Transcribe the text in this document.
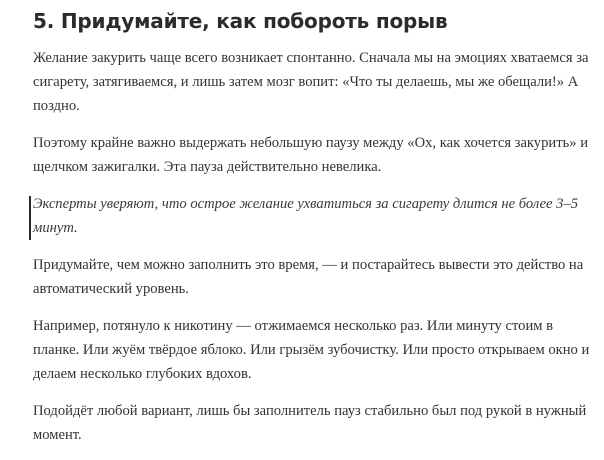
5. Придумайте, как побороть порыв

Желание закурить чаще всего возникает спонтанно. Сначала мы на эмоциях хватаемся за сигарету, затягиваемся, и лишь затем мозг вопит: «Что ты делаешь, мы же обещали!» А поздно.

Поэтому крайне важно выдержать небольшую паузу между «Ох, как хочется закурить» и щелчком зажигалки. Эта пауза действительно невелика.

Эксперты уверяют, что острое желание ухватиться за сигарету длится не более 3–5 минут.

Придумайте, чем можно заполнить это время, — и постарайтесь вывести это действо на автоматический уровень.

Например, потянуло к никотину — отжимаемся несколько раз. Или минуту стоим в планке. Или жуём твёрдое яблоко. Или грызём зубочистку. Или просто открываем окно и делаем несколько глубоких вдохов.

Подойдёт любой вариант, лишь бы заполнитель пауз стабильно был под рукой в нужный момент.
